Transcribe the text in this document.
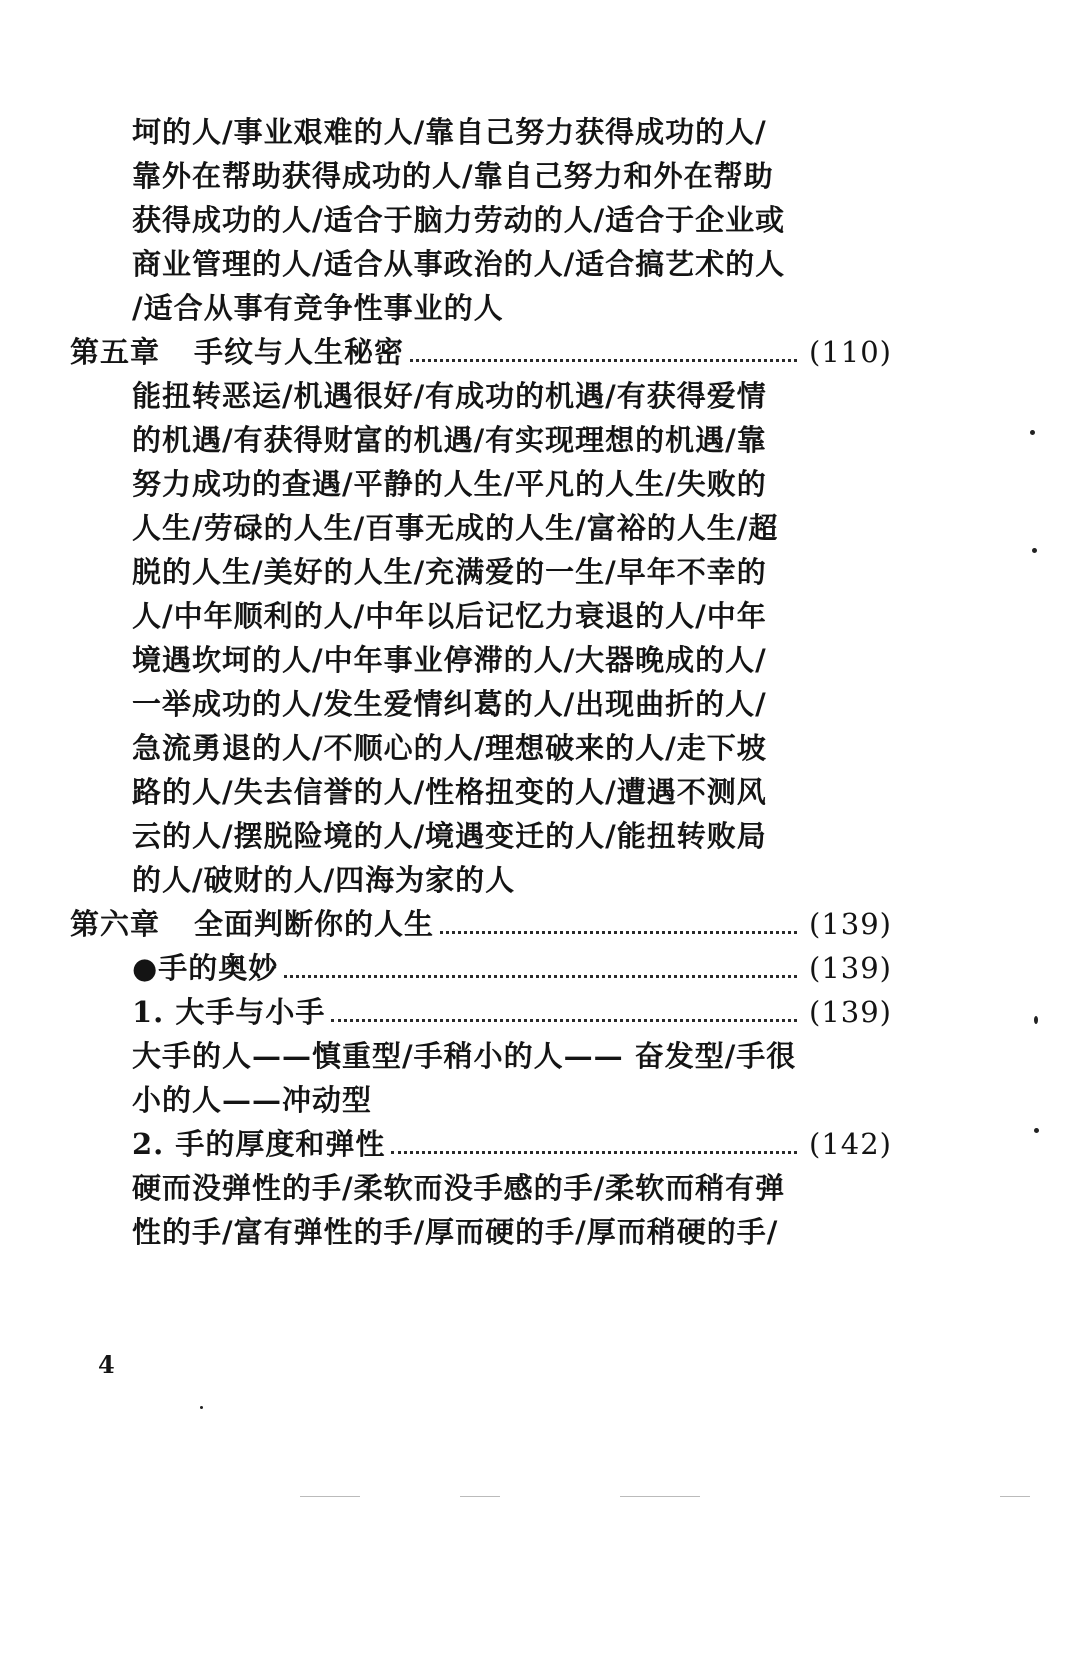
坷的人/事业艰难的人/靠自己努力获得成功的人/
靠外在帮助获得成功的人/靠自己努力和外在帮助
获得成功的人/适合于脑力劳动的人/适合于企业或
商业管理的人/适合从事政治的人/适合搞艺术的人
/适合从事有竞争性事业的人
第五章 手纹与人生秘密	(110)
能扭转恶运/机遇很好/有成功的机遇/有获得爱情
的机遇/有获得财富的机遇/有实现理想的机遇/靠
努力成功的查遇/平静的人生/平凡的人生/失败的
人生/劳碌的人生/百事无成的人生/富裕的人生/超
脱的人生/美好的人生/充满爱的一生/早年不幸的
人/中年顺利的人/中年以后记忆力衰退的人/中年
境遇坎坷的人/中年事业停滞的人/大器晚成的人/
一举成功的人/发生爱情纠葛的人/出现曲折的人/
急流勇退的人/不顺心的人/理想破来的人/走下坡
路的人/失去信誉的人/性格扭变的人/遭遇不测风
云的人/摆脱险境的人/境遇变迁的人/能扭转败局
的人/破财的人/四海为家的人
第六章 全面判断你的人生	(139)
●手的奥妙	(139)
1. 大手与小手	(139)
大手的人——慎重型/手稍小的人—— 奋发型/手很
小的人——冲动型
2. 手的厚度和弹性	(142)
硬而没弹性的手/柔软而没手感的手/柔软而稍有弹
性的手/富有弹性的手/厚而硬的手/厚而稍硬的手/
4
